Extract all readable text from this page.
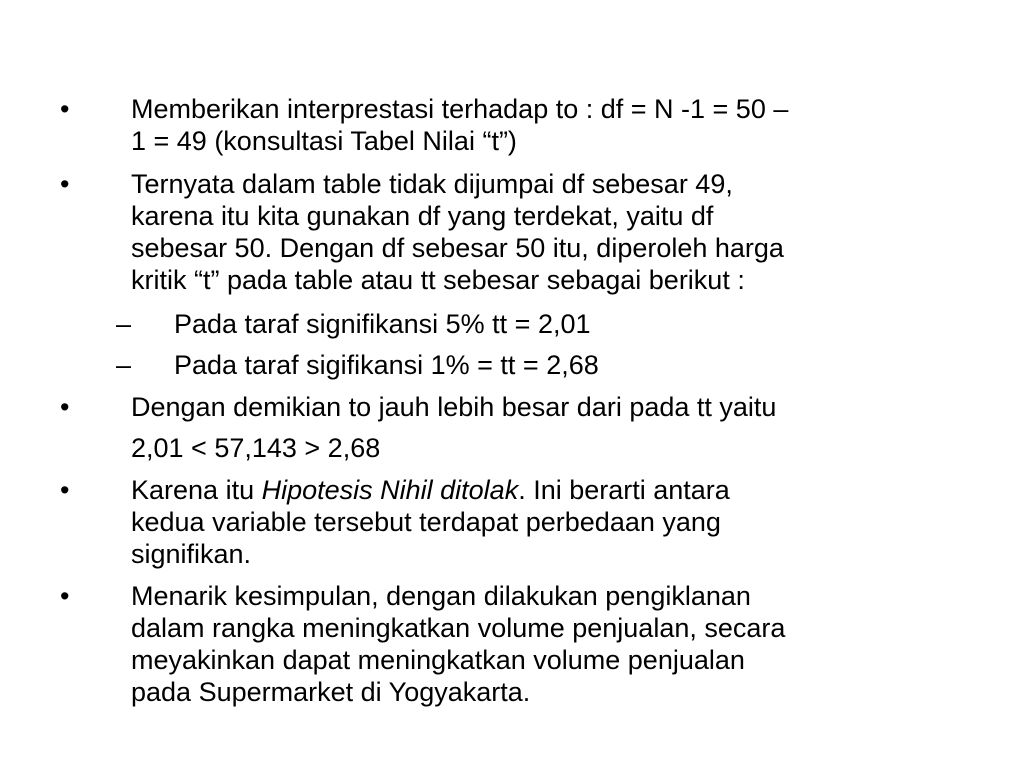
• Memberikan interprestasi terhadap to : df = N -1 = 50 –
1 = 49 (konsultasi Tabel Nilai “t”)
• Ternyata dalam table tidak dijumpai df sebesar 49,
karena itu kita gunakan df yang terdekat, yaitu df
sebesar 50. Dengan df sebesar 50 itu, diperoleh harga
kritik “t” pada table atau tt sebesar sebagai berikut :
– Pada taraf signifikansi 5% tt = 2,01
– Pada taraf sigifikansi 1% = tt = 2,68
• Dengan demikian to jauh lebih besar dari pada tt yaitu
2,01 < 57,143 > 2,68
• Karena itu Hipotesis Nihil ditolak. Ini berarti antara
kedua variable tersebut terdapat perbedaan yang
signifikan.
• Menarik kesimpulan, dengan dilakukan pengiklanan
dalam rangka meningkatkan volume penjualan, secara
meyakinkan dapat meningkatkan volume penjualan
pada Supermarket di Yogyakarta.
